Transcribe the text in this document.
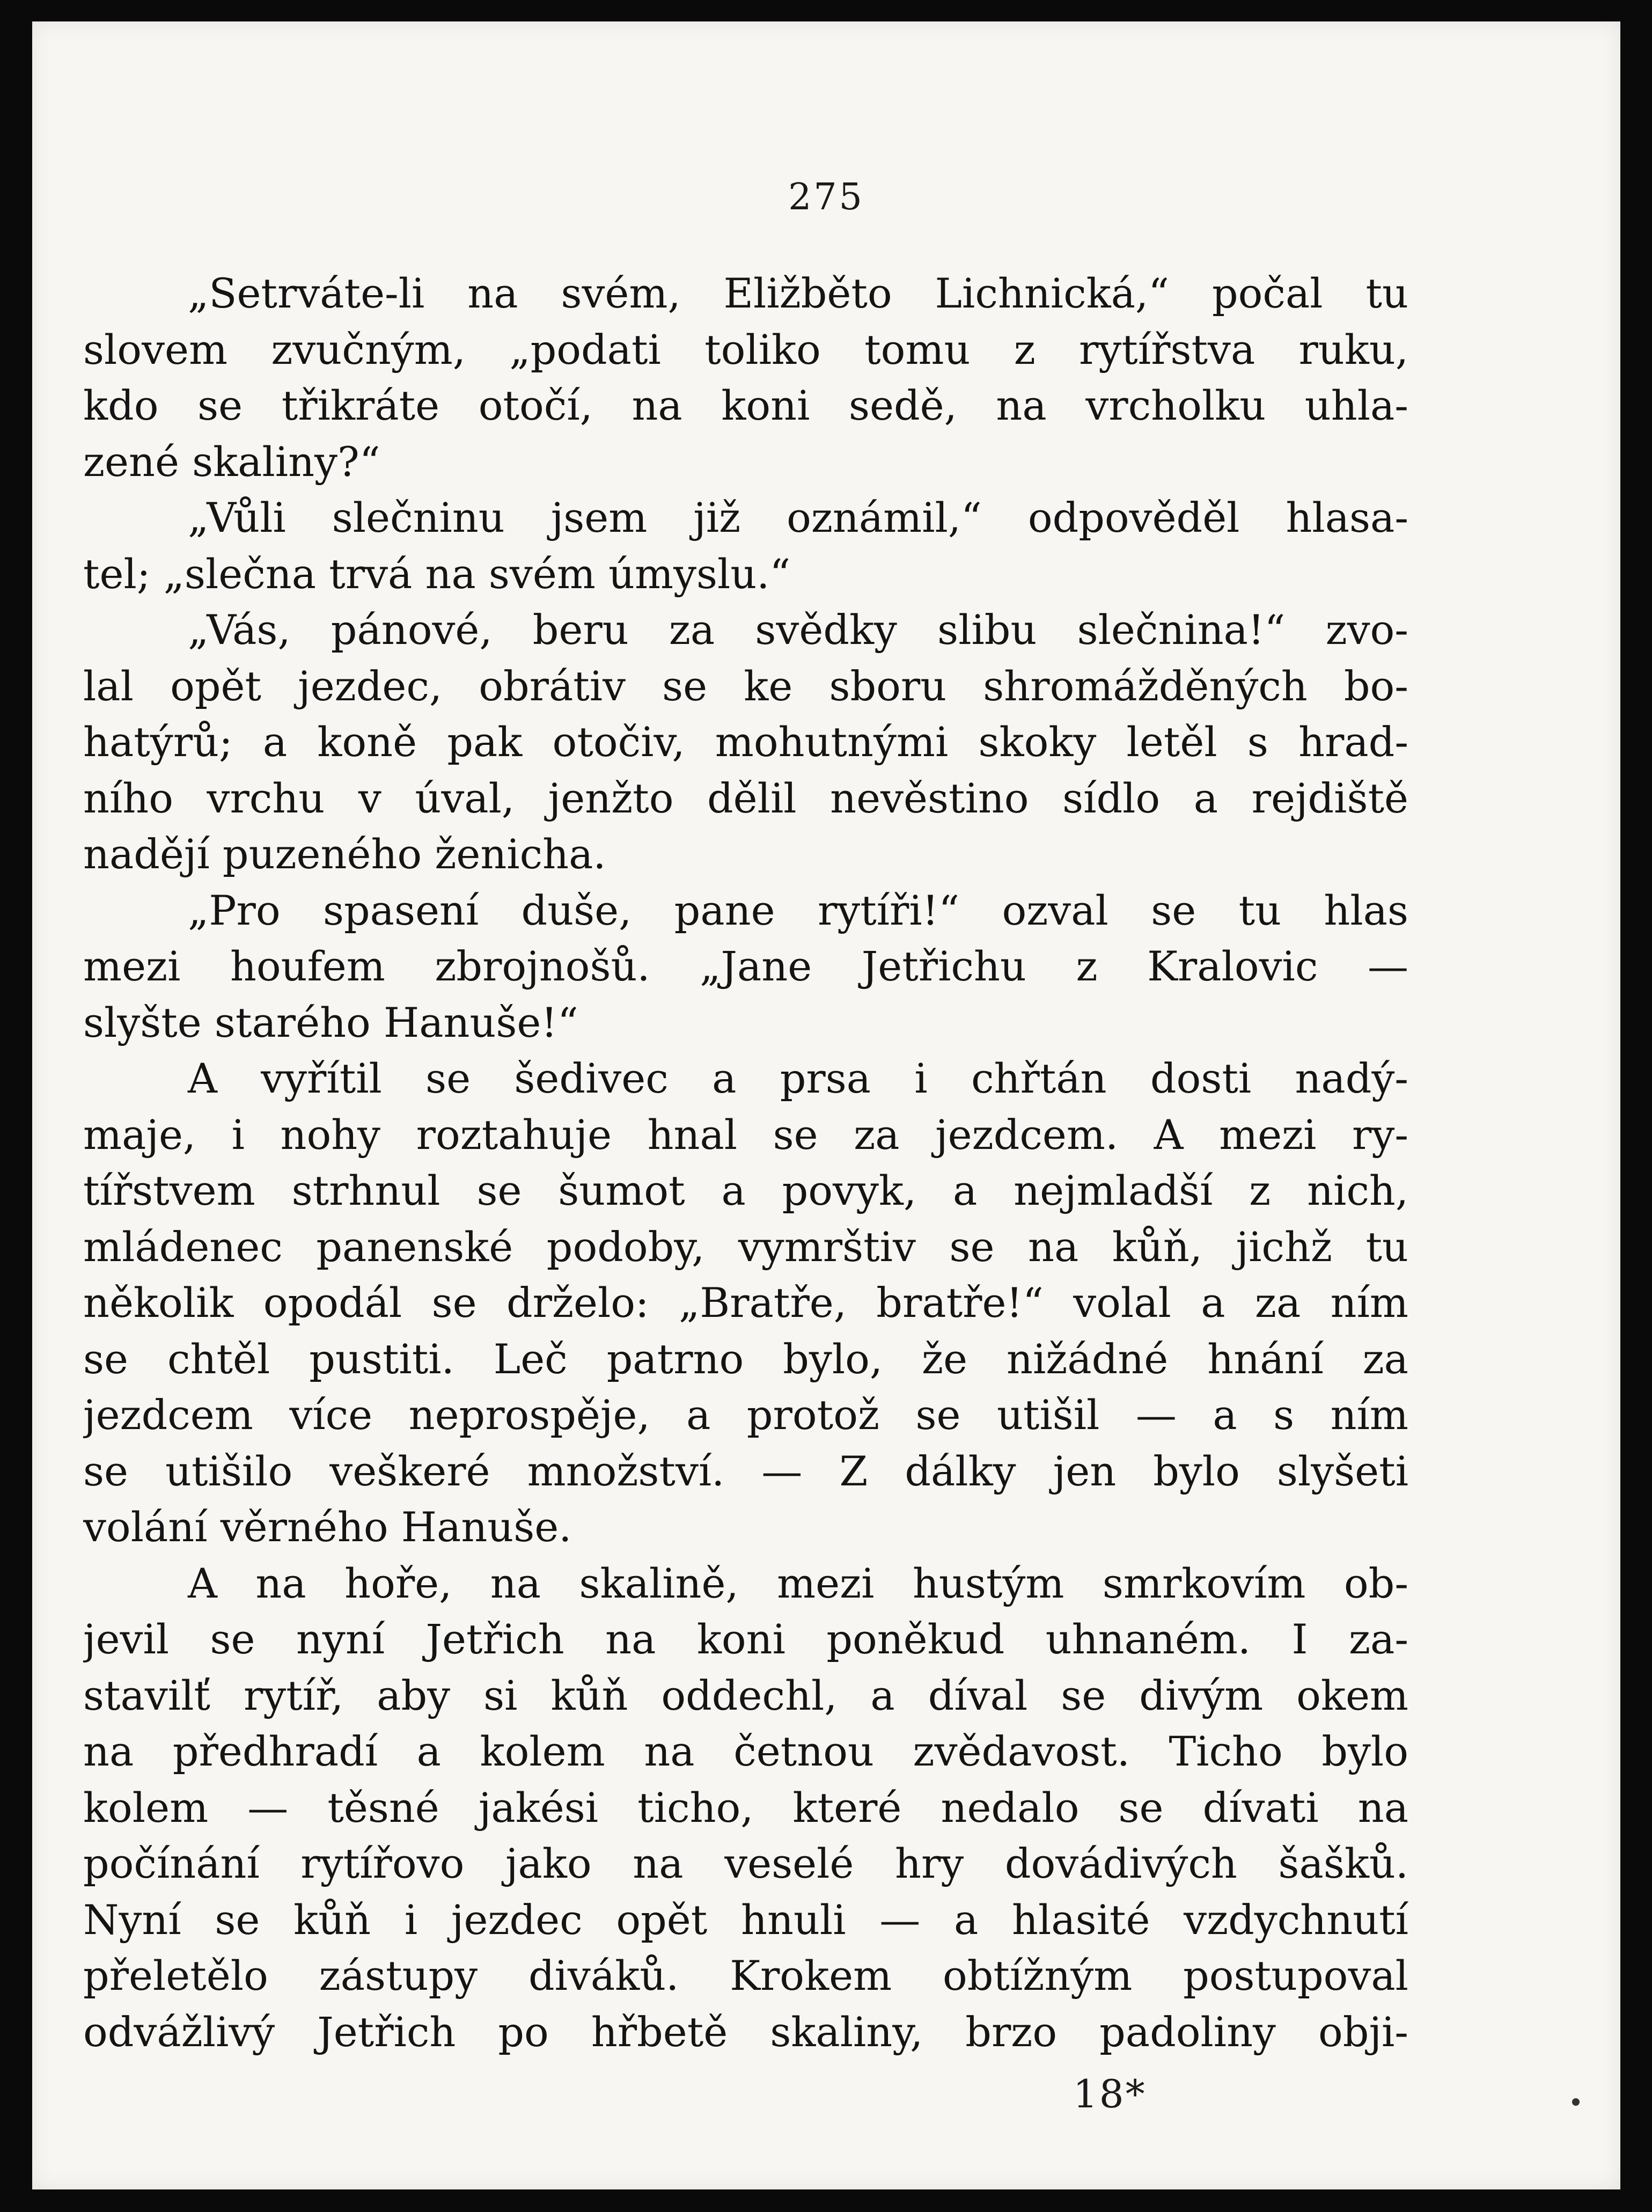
275
„Setrváte-li na svém, Eližběto Lichnická,“ počal tu
slovem zvučným, „podati toliko tomu z rytířstva ruku,
kdo se třikráte otočí, na koni sedě, na vrcholku uhla-
zené skaliny?“
„Vůli slečninu jsem již oznámil,“ odpověděl hlasa-
tel; „slečna trvá na svém úmyslu.“
„Vás, pánové, beru za svědky slibu slečnina!“ zvo-
lal opět jezdec, obrátiv se ke sboru shromážděných bo-
hatýrů; a koně pak otočiv, mohutnými skoky letěl s hrad-
ního vrchu v úval, jenžto dělil nevěstino sídlo a rejdiště
nadějí puzeného ženicha.
„Pro spasení duše, pane rytíři!“ ozval se tu hlas
mezi houfem zbrojnošů. „Jane Jetřichu z Kralovic —
slyšte starého Hanuše!“
A vyřítil se šedivec a prsa i chřtán dosti nadý-
maje, i nohy roztahuje hnal se za jezdcem. A mezi ry-
tířstvem strhnul se šumot a povyk, a nejmladší z nich,
mládenec panenské podoby, vymrštiv se na kůň, jichž tu
několik opodál se drželo: „Bratře, bratře!“ volal a za ním
se chtěl pustiti. Leč patrno bylo, že nižádné hnání za
jezdcem více neprospěje, a protož se utišil — a s ním
se utišilo veškeré množství. — Z dálky jen bylo slyšeti
volání věrného Hanuše.
A na hoře, na skalině, mezi hustým smrkovím ob-
jevil se nyní Jetřich na koni poněkud uhnaném. I za-
stavilť rytíř, aby si kůň oddechl, a díval se divým okem
na předhradí a kolem na četnou zvědavost. Ticho bylo
kolem — těsné jakési ticho, které nedalo se dívati na
počínání rytířovo jako na veselé hry dovádivých šašků.
Nyní se kůň i jezdec opět hnuli — a hlasité vzdychnutí
přeletělo zástupy diváků. Krokem obtížným postupoval
odvážlivý Jetřich po hřbetě skaliny, brzo padoliny obji-
18*
